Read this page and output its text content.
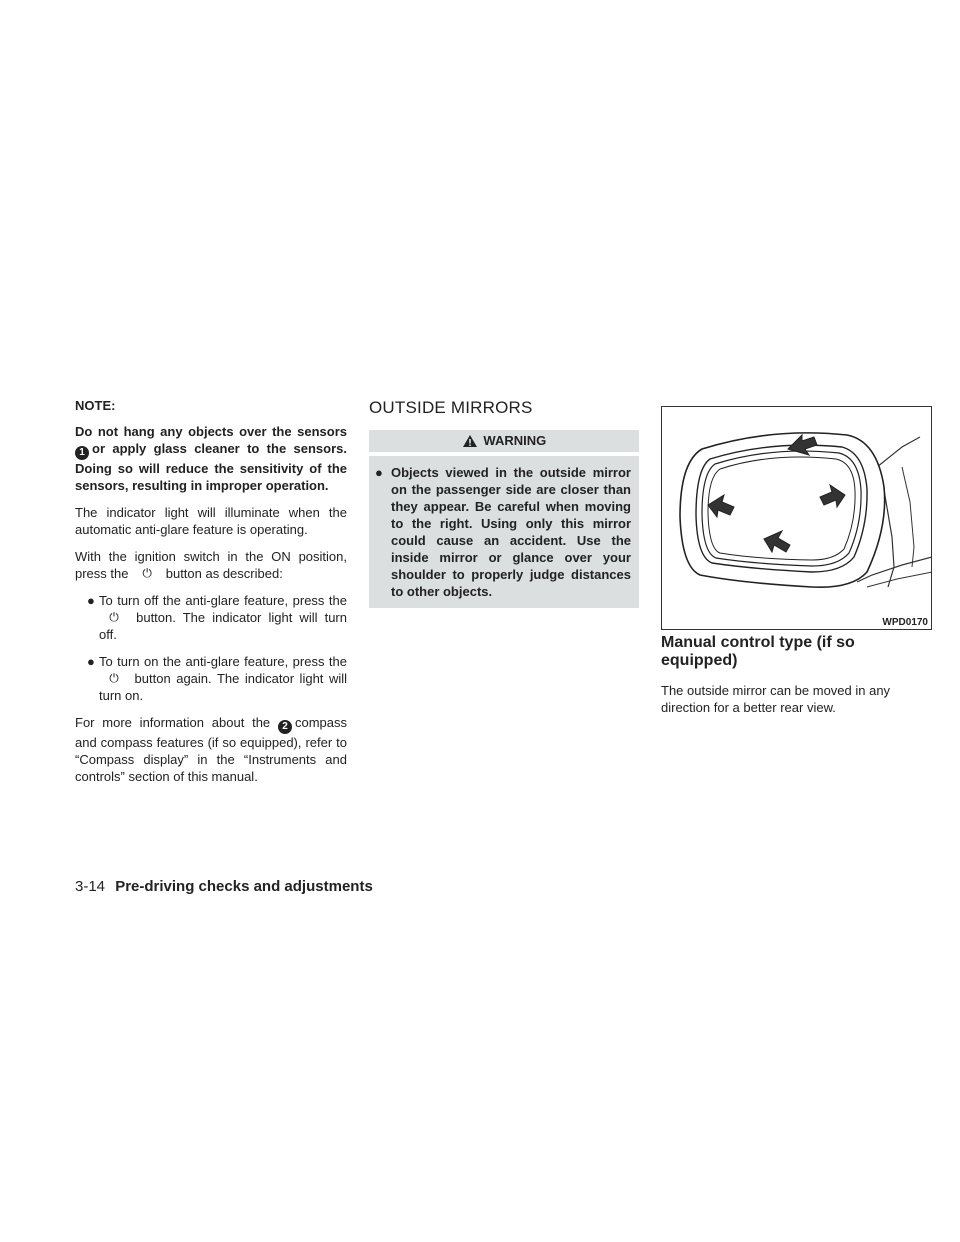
NOTE:

Do not hang any objects over the sensors 1 or apply glass cleaner to the sensors. Doing so will reduce the sensitivity of the sensors, resulting in improper operation.

The indicator light will illuminate when the automatic anti-glare feature is operating.

With the ignition switch in the ON position, press the ⏻ button as described:

● To turn off the anti-glare feature, press the ⏻ button. The indicator light will turn off.
● To turn on the anti-glare feature, press the ⏻ button again. The indicator light will turn on.

For more information about the 2 compass and compass features (if so equipped), refer to “Compass display” in the “Instruments and controls” section of this manual.

OUTSIDE MIRRORS
WARNING
● Objects viewed in the outside mirror on the passenger side are closer than they appear. Be careful when moving to the right. Using only this mirror could cause an accident. Use the inside mirror or glance over your shoulder to properly judge distances to other objects.
WPD0170
Manual control type (if so equipped)

The outside mirror can be moved in any direction for a better rear view.

3-14 Pre-driving checks and adjustments
